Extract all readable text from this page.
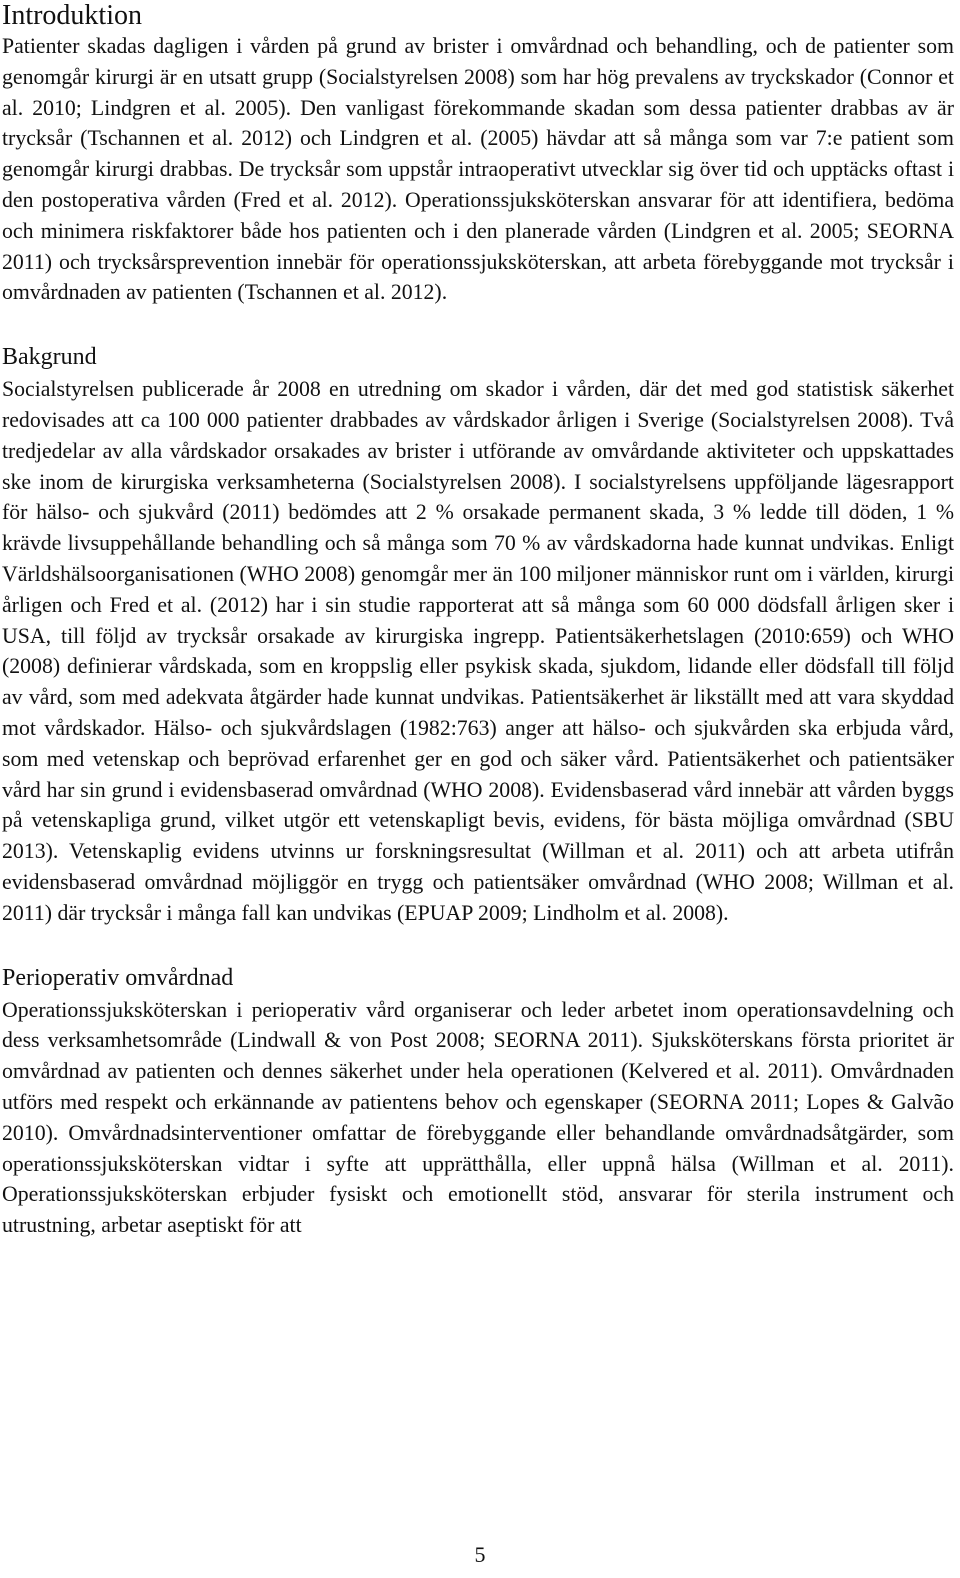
Introduktion

Patienter skadas dagligen i vården på grund av brister i omvårdnad och behandling, och de patienter som genomgår kirurgi är en utsatt grupp (Socialstyrelsen 2008) som har hög prevalens av tryckskador (Connor et al. 2010; Lindgren et al. 2005). Den vanligast förekommande skadan som dessa patienter drabbas av är trycksår (Tschannen et al. 2012) och Lindgren et al. (2005) hävdar att så många som var 7:e patient som genomgår kirurgi drabbas. De trycksår som uppstår intraoperativt utvecklar sig över tid och upptäcks oftast i den postoperativa vården (Fred et al. 2012). Operationssjuksköterskan ansvarar för att identifiera, bedöma och minimera riskfaktorer både hos patienten och i den planerade vården (Lindgren et al. 2005; SEORNA 2011) och trycksårsprevention innebär för operationssjuksköterskan, att arbeta förebyggande mot trycksår i omvårdnaden av patienten (Tschannen et al. 2012).

Bakgrund

Socialstyrelsen publicerade år 2008 en utredning om skador i vården, där det med god statistisk säkerhet redovisades att ca 100 000 patienter drabbades av vårdskador årligen i Sverige (Socialstyrelsen 2008). Två tredjedelar av alla vårdskador orsakades av brister i utförande av omvårdande aktiviteter och uppskattades ske inom de kirurgiska verksamheterna (Socialstyrelsen 2008). I socialstyrelsens uppföljande lägesrapport för hälso- och sjukvård (2011) bedömdes att 2 % orsakade permanent skada, 3 % ledde till döden, 1 % krävde livsuppehållande behandling och så många som 70 % av vårdskadorna hade kunnat undvikas. Enligt Världshälsoorganisationen (WHO 2008) genomgår mer än 100 miljoner människor runt om i världen, kirurgi årligen och Fred et al. (2012) har i sin studie rapporterat att så många som 60 000 dödsfall årligen sker i USA, till följd av trycksår orsakade av kirurgiska ingrepp. Patientsäkerhetslagen (2010:659) och WHO (2008) definierar vårdskada, som en kroppslig eller psykisk skada, sjukdom, lidande eller dödsfall till följd av vård, som med adekvata åtgärder hade kunnat undvikas. Patientsäkerhet är likställt med att vara skyddad mot vårdskador. Hälso- och sjukvårdslagen (1982:763) anger att hälso- och sjukvården ska erbjuda vård, som med vetenskap och beprövad erfarenhet ger en god och säker vård. Patientsäkerhet och patientsäker vård har sin grund i evidensbaserad omvårdnad (WHO 2008). Evidensbaserad vård innebär att vården byggs på vetenskapliga grund, vilket utgör ett vetenskapligt bevis, evidens, för bästa möjliga omvårdnad (SBU 2013). Vetenskaplig evidens utvinns ur forskningsresultat (Willman et al. 2011) och att arbeta utifrån evidensbaserad omvårdnad möjliggör en trygg och patientsäker omvårdnad (WHO 2008; Willman et al. 2011) där trycksår i många fall kan undvikas (EPUAP 2009; Lindholm et al. 2008).

Perioperativ omvårdnad

Operationssjuksköterskan i perioperativ vård organiserar och leder arbetet inom operationsavdelning och dess verksamhetsområde (Lindwall & von Post 2008; SEORNA 2011). Sjuksköterskans första prioritet är omvårdnad av patienten och dennes säkerhet under hela operationen (Kelvered et al. 2011). Omvårdnaden utförs med respekt och erkännande av patientens behov och egenskaper (SEORNA 2011; Lopes & Galvão 2010). Omvårdnadsinterventioner omfattar de förebyggande eller behandlande omvårdnadsåtgärder, som operationssjuksköterskan vidtar i syfte att upprätthålla, eller uppnå hälsa (Willman et al. 2011). Operationssjuksköterskan erbjuder fysiskt och emotionellt stöd, ansvarar för sterila instrument och utrustning, arbetar aseptiskt för att

5
